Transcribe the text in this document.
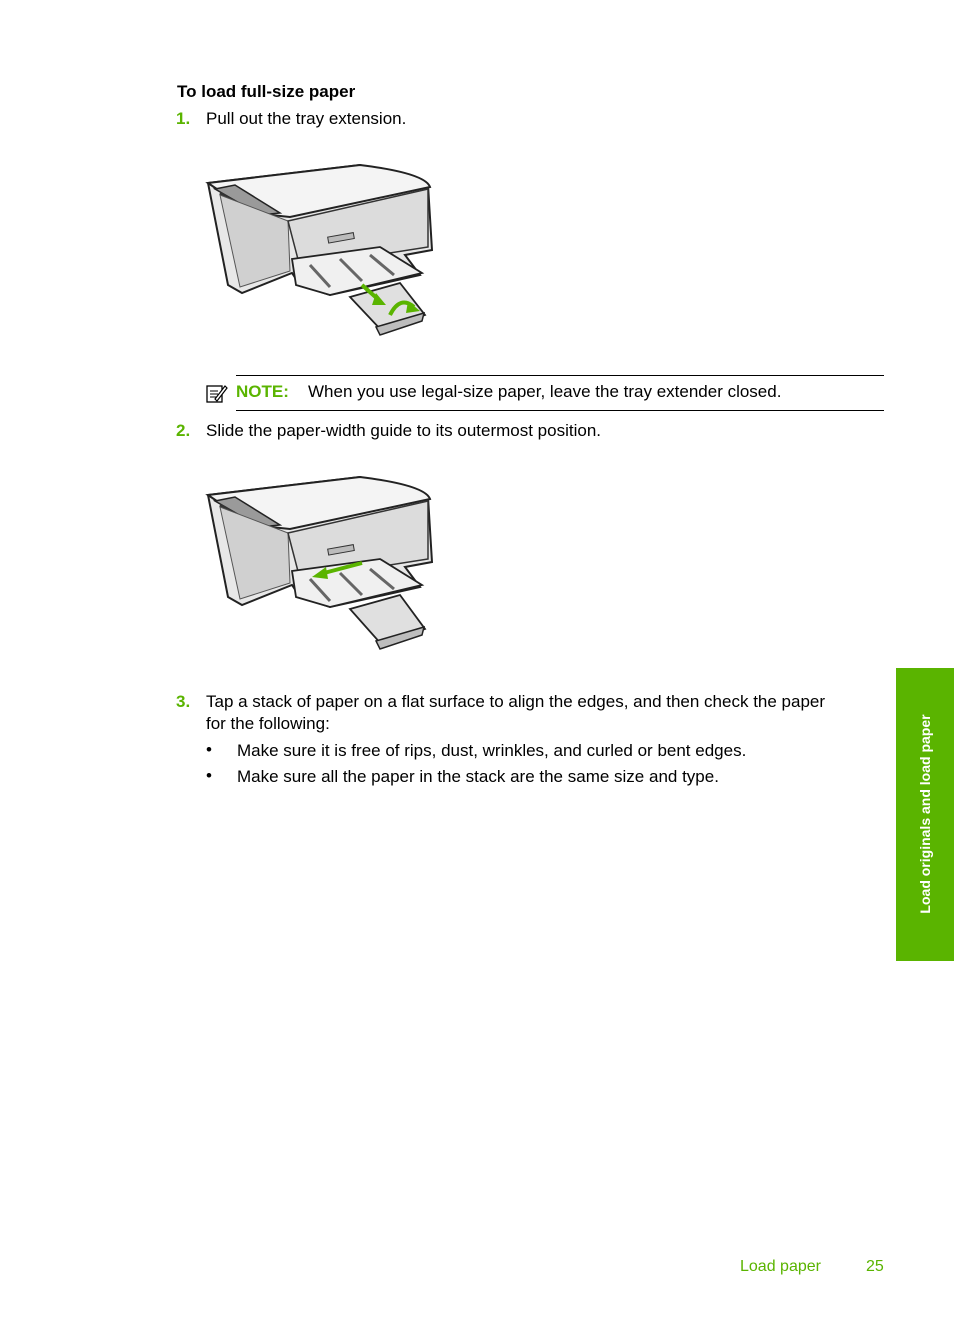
To load full-size paper
1. Pull out the tray extension.
NOTE: When you use legal-size paper, leave the tray extender closed.
2. Slide the paper-width guide to its outermost position.
3. Tap a stack of paper on a flat surface to align the edges, and then check the paper
for the following:
• Make sure it is free of rips, dust, wrinkles, and curled or bent edges.
• Make sure all the paper in the stack are the same size and type.	Load originals and load paper
Load paper	25
